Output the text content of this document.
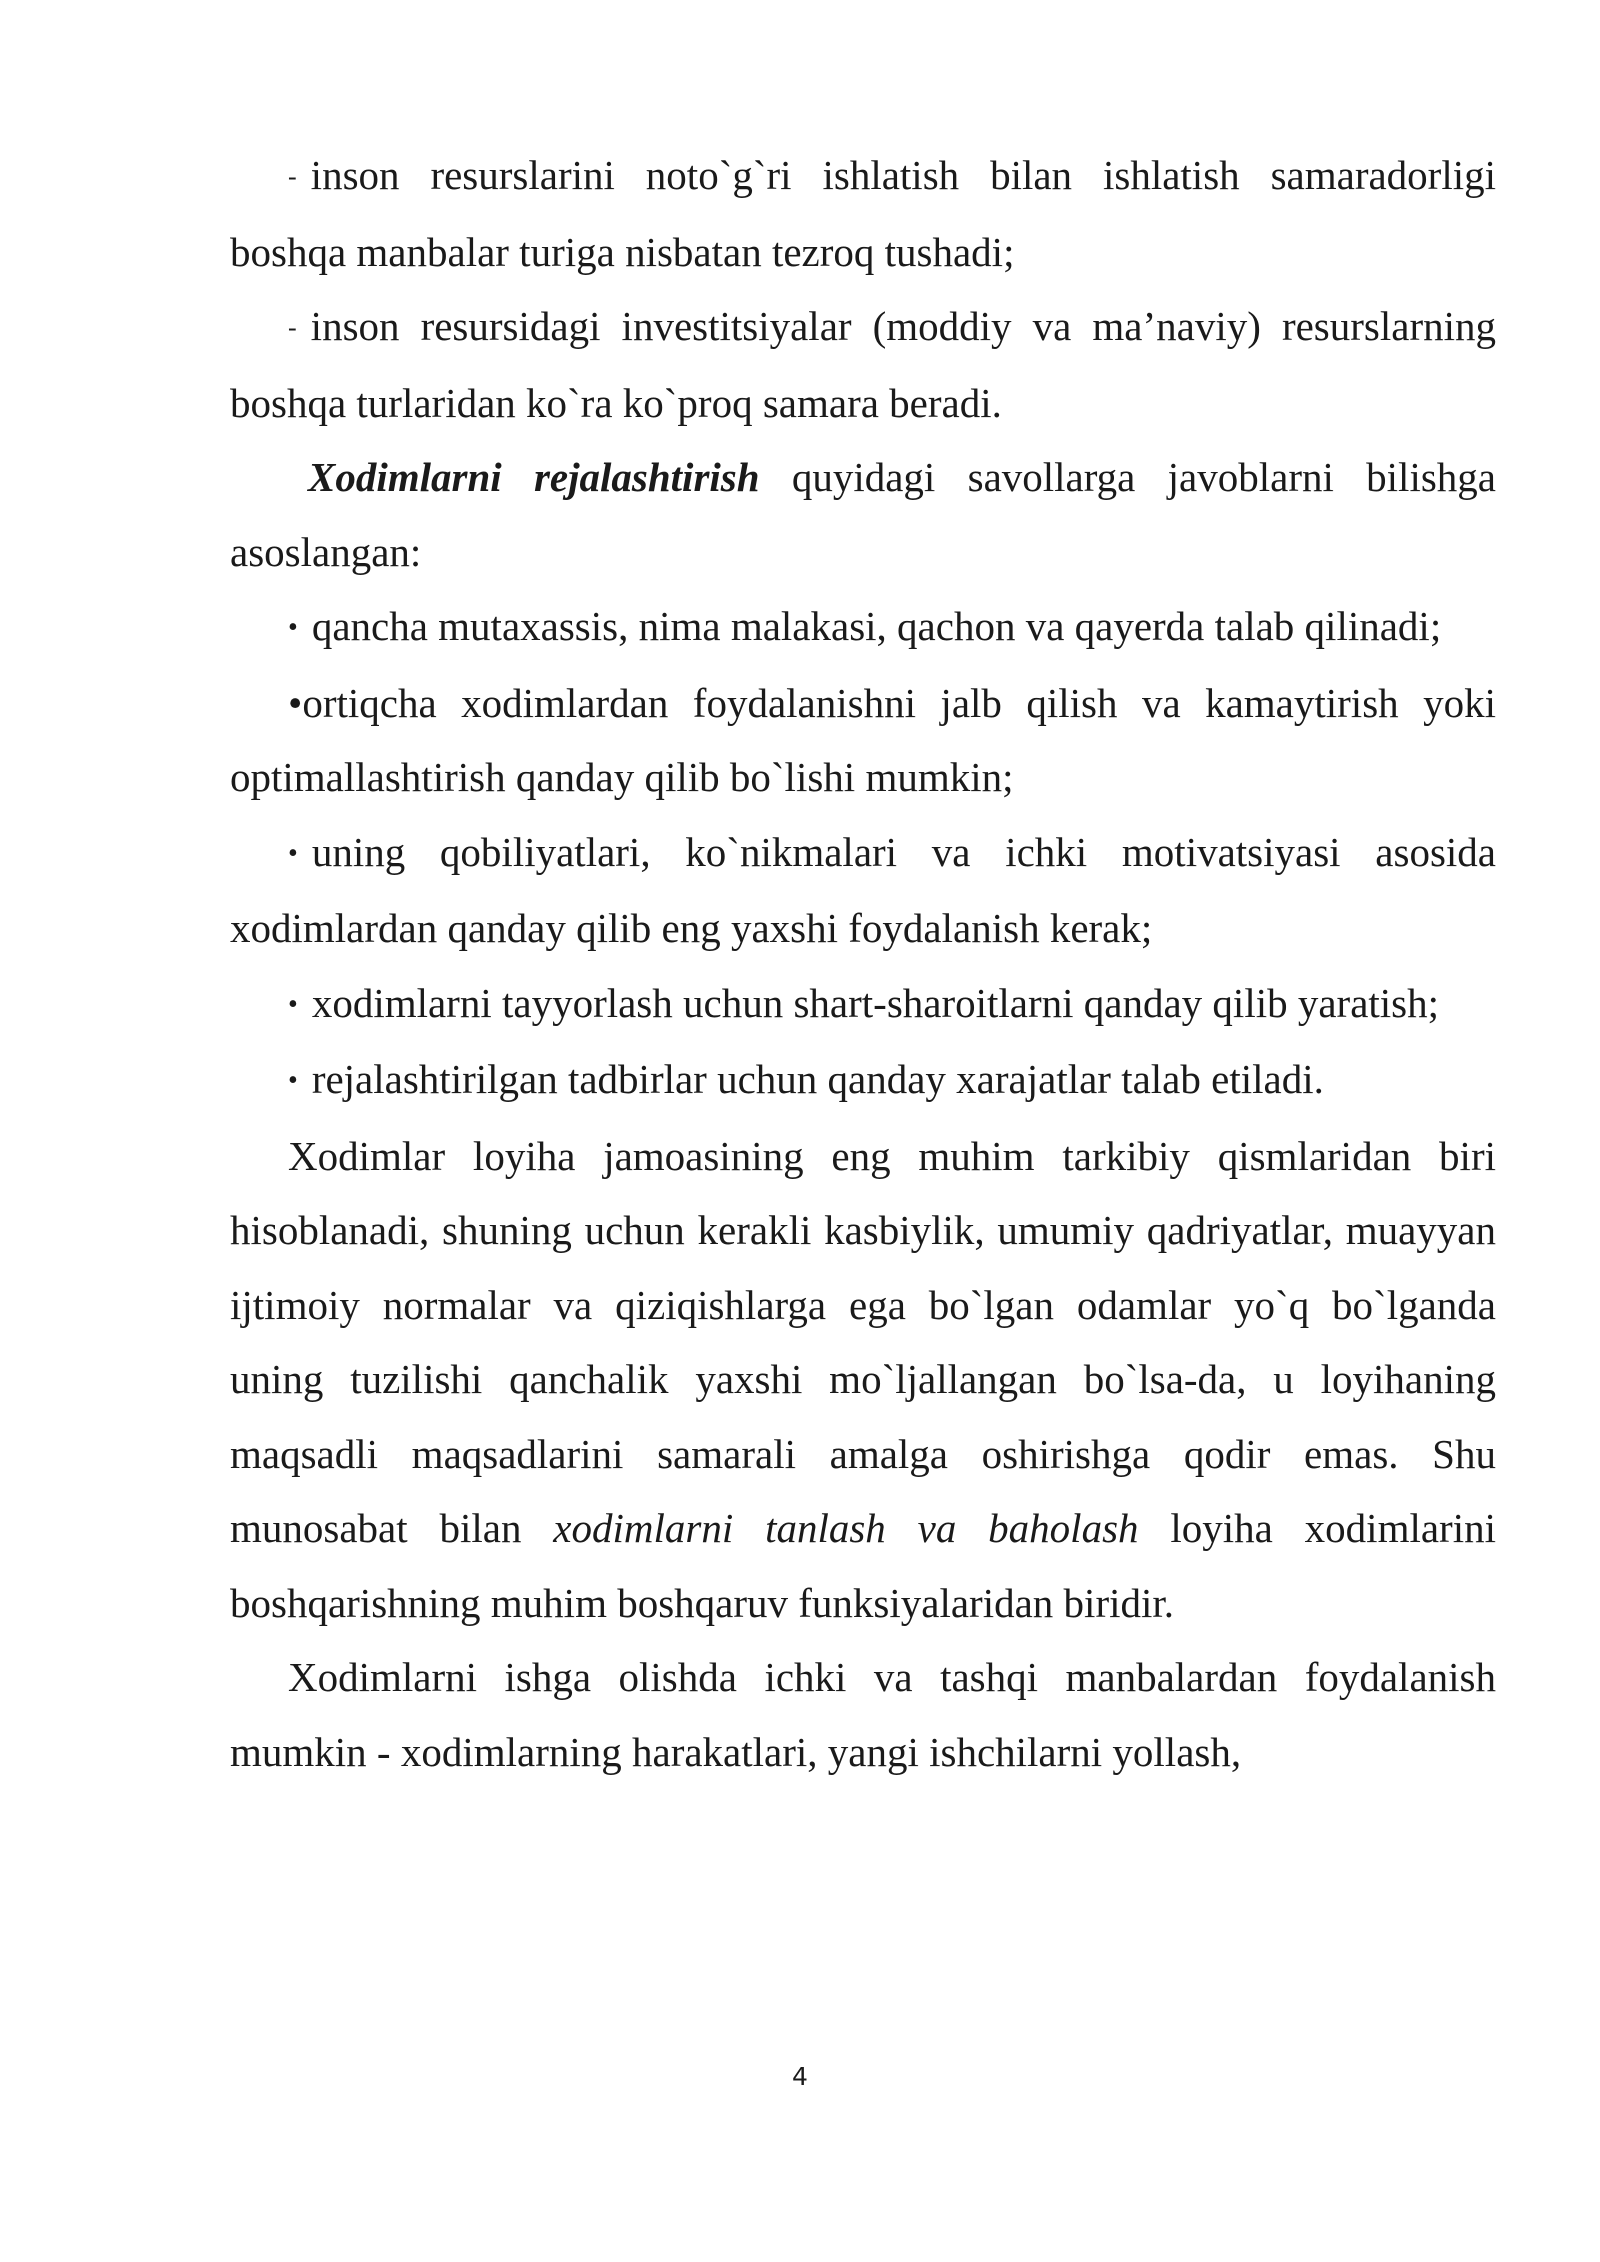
- inson resurslarini noto`g`ri ishlatish bilan ishlatish samaradorligi boshqa manbalar turiga nisbatan tezroq tushadi;

- inson resursidagi investitsiyalar (moddiy va ma’naviy) resurslarning boshqa turlaridan ko`ra ko`proq samara beradi.

Xodimlarni rejalashtirish quyidagi savollarga javoblarni bilishga asoslangan:

• qancha mutaxassis, nima malakasi, qachon va qayerda talab qilinadi;

•ortiqcha xodimlardan foydalanishni jalb qilish va kamaytirish yoki optimallashtirish qanday qilib bo`lishi mumkin;

• uning qobiliyatlari, ko`nikmalari va ichki motivatsiyasi asosida xodimlardan qanday qilib eng yaxshi foydalanish kerak;

• xodimlarni tayyorlash uchun shart-sharoitlarni qanday qilib yaratish;

• rejalashtirilgan tadbirlar uchun qanday xarajatlar talab etiladi.

Xodimlar loyiha jamoasining eng muhim tarkibiy qismlaridan biri hisoblanadi, shuning uchun kerakli kasbiylik, umumiy qadriyatlar, muayyan ijtimoiy normalar va qiziqishlarga ega bo`lgan odamlar yo`q bo`lganda uning tuzilishi qanchalik yaxshi mo`ljallangan bo`lsa-da, u loyihaning maqsadli maqsadlarini samarali amalga oshirishga qodir emas. Shu munosabat bilan xodimlarni tanlash va baholash loyiha xodimlarini boshqarishning muhim boshqaruv funksiyalaridan biridir.

Xodimlarni ishga olishda ichki va tashqi manbalardan foydalanish mumkin - xodimlarning harakatlari, yangi ishchilarni yollash,

4
